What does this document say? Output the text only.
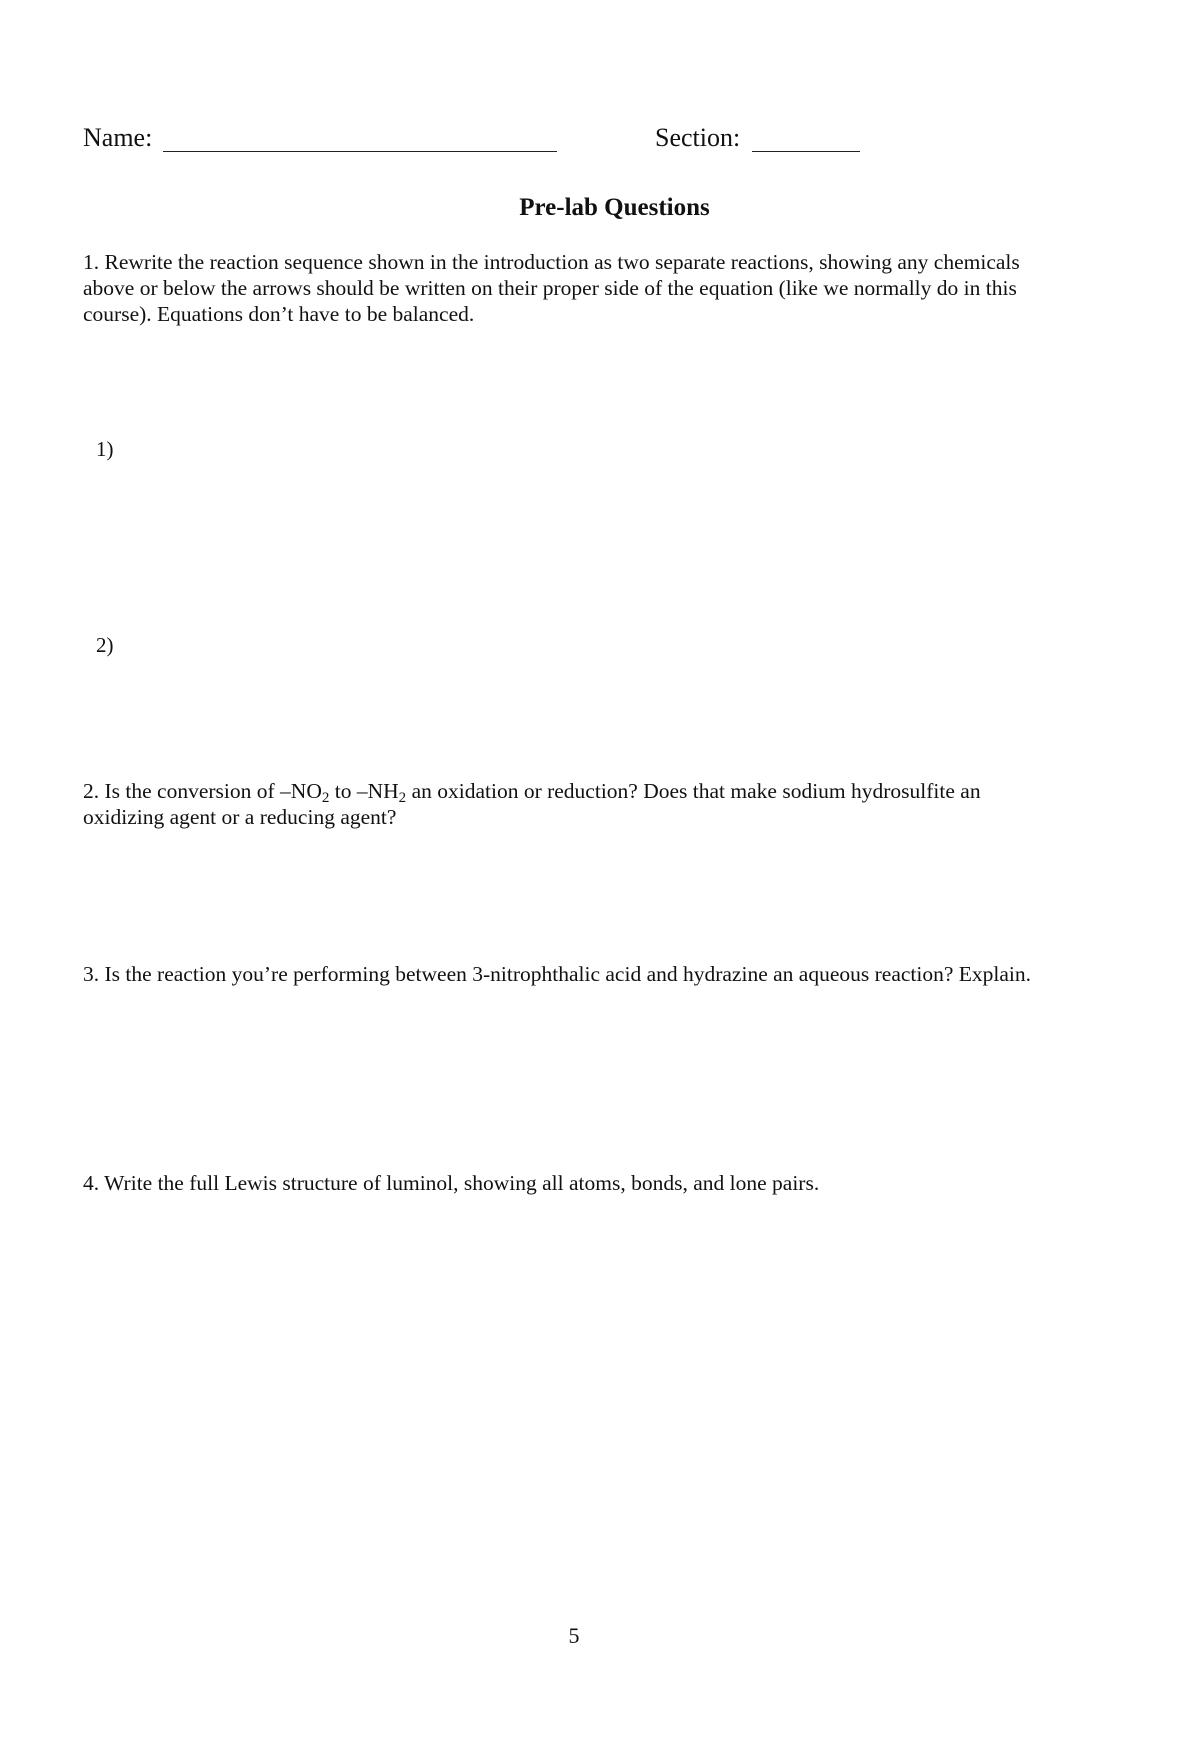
Name:	Section:
Pre-lab Questions
1. Rewrite the reaction sequence shown in the introduction as two separate reactions, showing any chemicals above or below the arrows should be written on their proper side of the equation (like we normally do in this course). Equations don’t have to be balanced.
1)
2)
2. Is the conversion of $-NO_2$ to $-NH_2$ an oxidation or reduction? Does that make sodium hydrosulfite an oxidizing agent or a reducing agent?
3. Is the reaction you’re performing between 3-nitrophthalic acid and hydrazine an aqueous reaction? Explain.
4. Write the full Lewis structure of luminol, showing all atoms, bonds, and lone pairs.
5
